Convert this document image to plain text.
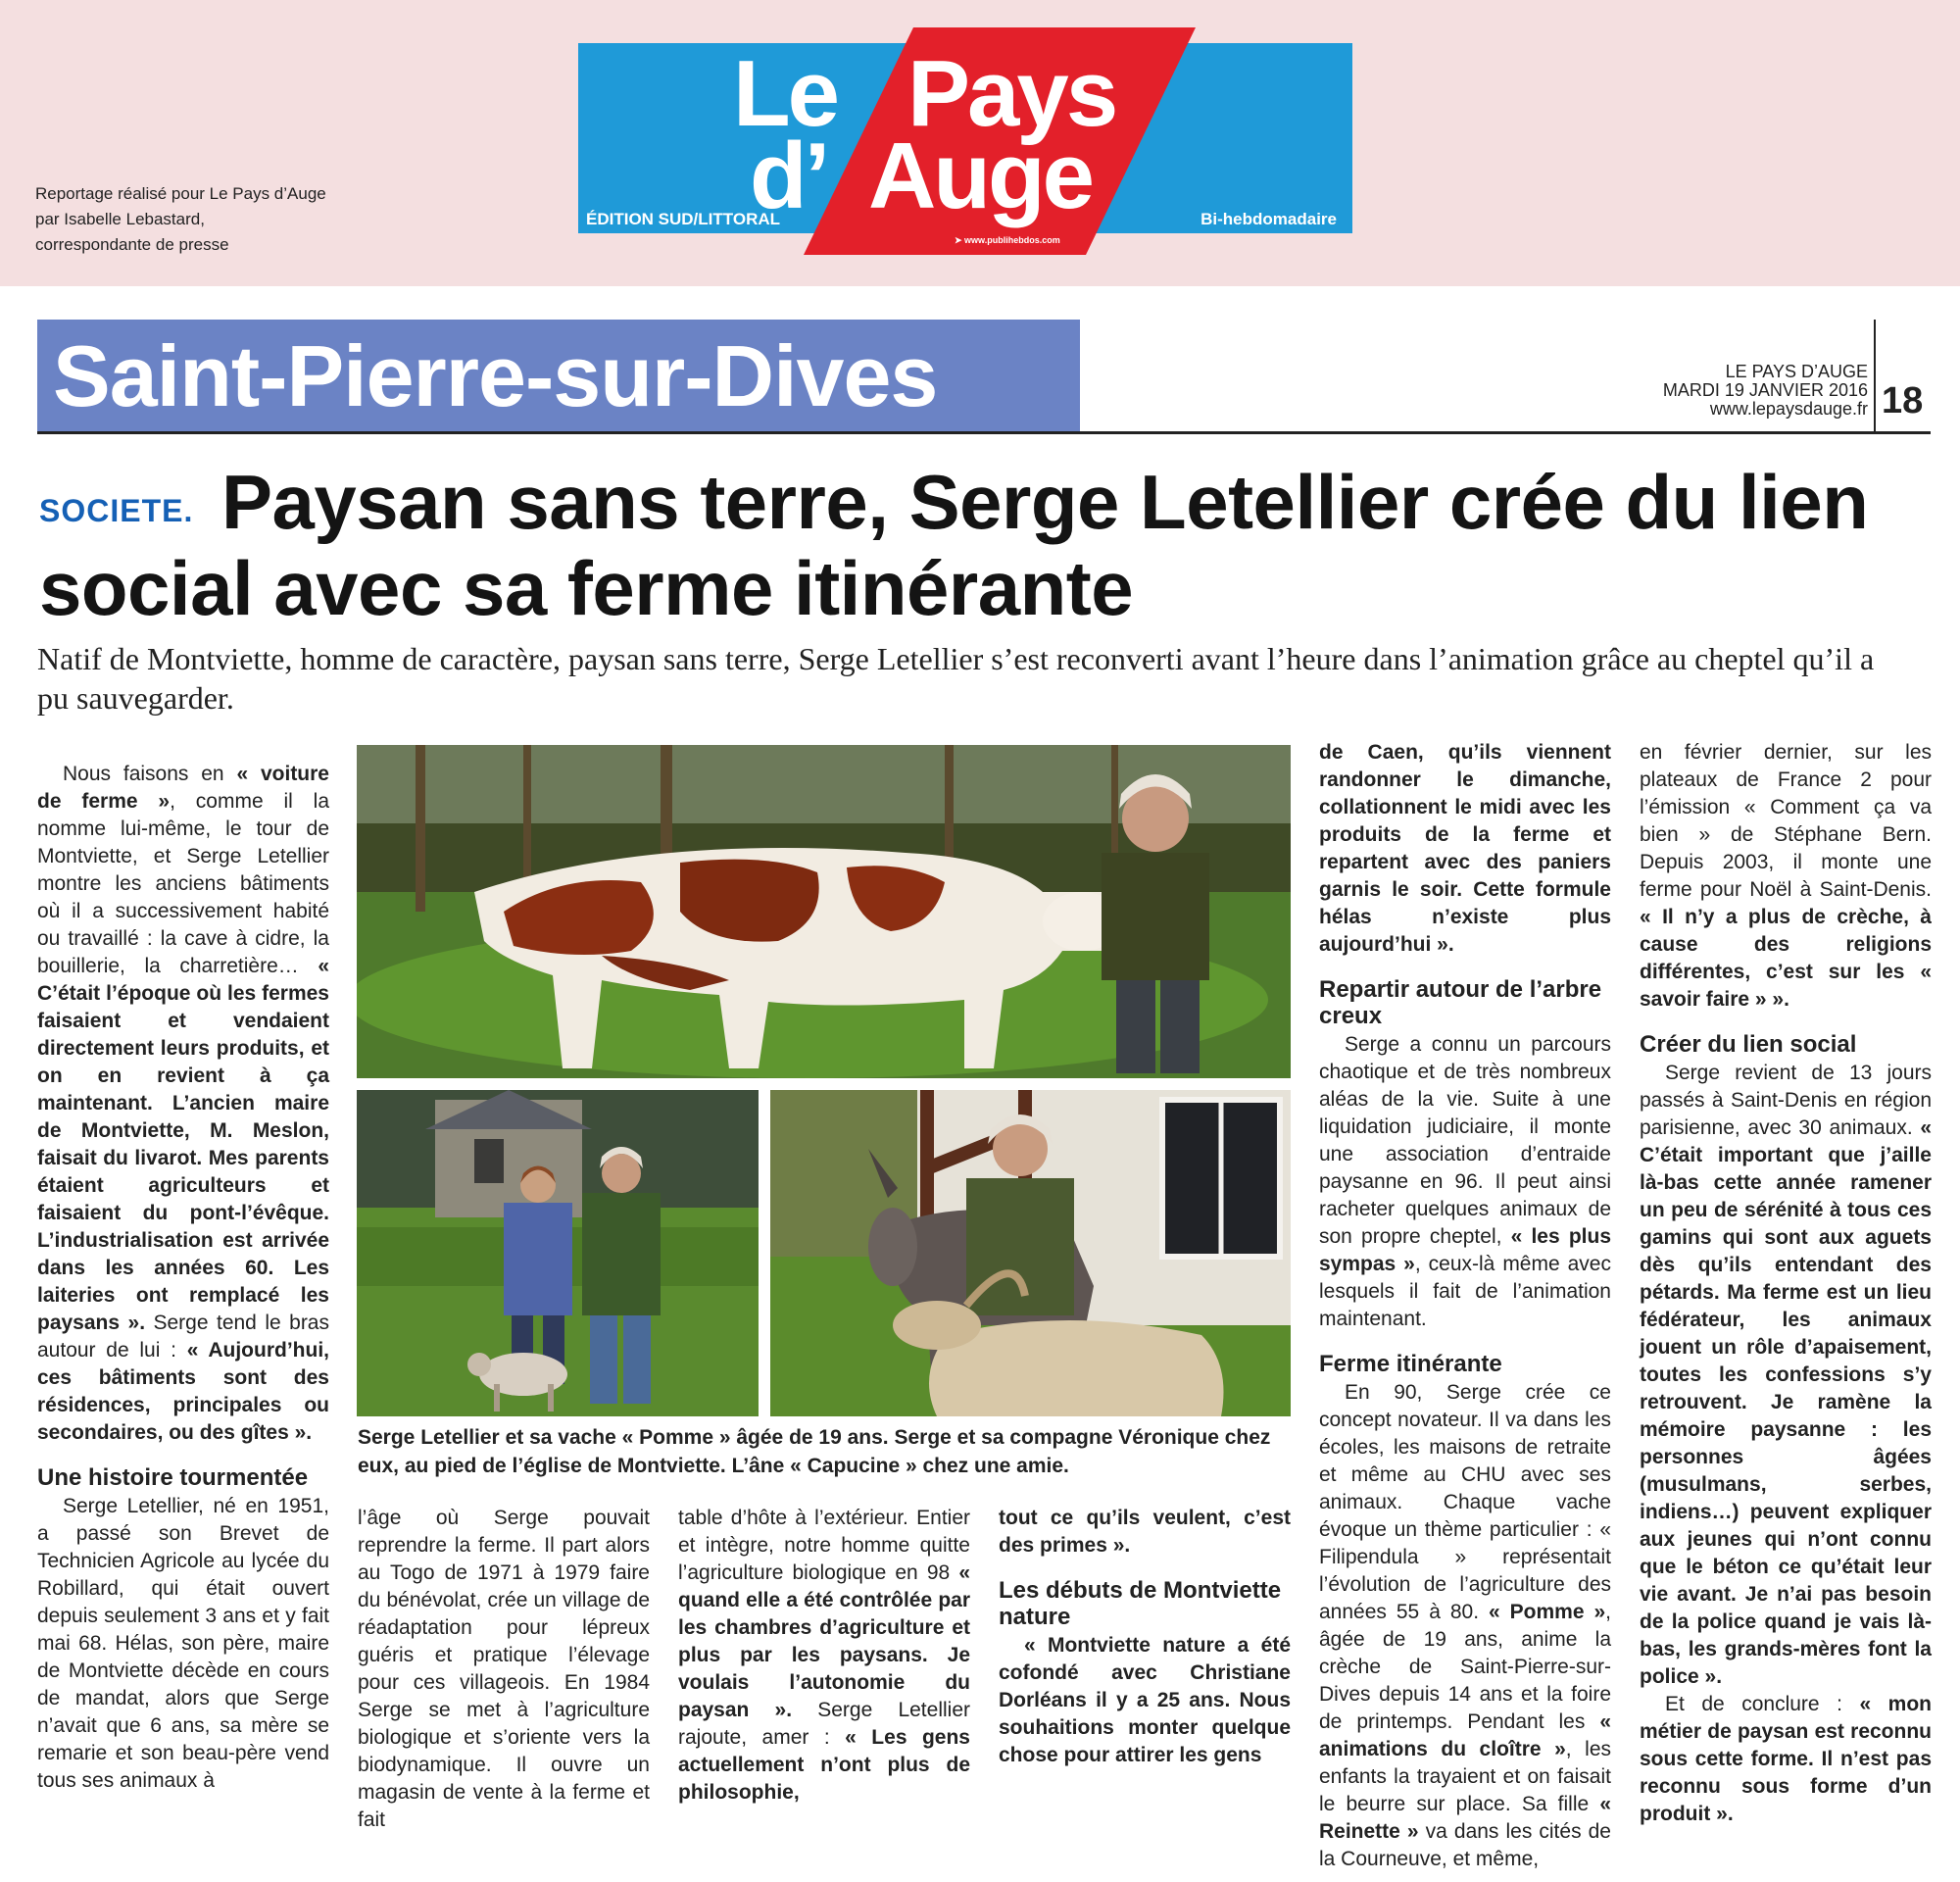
Reportage réalisé pour Le Pays d’Auge
par Isabelle Lebastard,
correspondante de presse
Le
d’
Pays
Auge
ÉDITION SUD/LITTORAL	Bi-hebdomadaire
➤ www.publihebdos.com
Saint-Pierre-sur-Dives	LE PAYS D’AUGE
MARDI 19 JANVIER 2016
www.lepaysdauge.fr 18
SOCIETE. Paysan sans terre, Serge Letellier crée du lien social avec sa ferme itinérante
Natif de Montviette, homme de caractère, paysan sans terre, Serge Letellier s’est reconverti avant l’heure dans l’animation grâce au cheptel qu’il a pu sauvegarder.
Serge Letellier et sa vache « Pomme » âgée de 19 ans. Serge et sa compagne Véronique chez eux, au pied de l’église de Montviette. L’âne « Capucine » chez une amie.

Nous faisons en « voiture de ferme », comme il la nomme lui-même, le tour de Montviette, et Serge Letellier montre les anciens bâtiments où il a successivement habité ou travaillé : la cave à cidre, la bouillerie, la charretière… « C’était l’époque où les fermes faisaient et vendaient directement leurs produits, et on en revient à ça maintenant. L’ancien maire de Montviette, M. Meslon, faisait du livarot. Mes parents étaient agriculteurs et faisaient du pont-l’évêque. L’industrialisation est arrivée dans les années 60. Les laiteries ont remplacé les paysans ». Serge tend le bras autour de lui : « Aujourd’hui, ces bâtiments sont des résidences, principales ou secondaires, ou des gîtes ».

Une histoire tourmentée

Serge Letellier, né en 1951, a passé son Brevet de Technicien Agricole au lycée du Robillard, qui était ouvert depuis seulement 3 ans et y fait mai 68. Hélas, son père, maire de Montviette décède en cours de mandat, alors que Serge n’avait que 6 ans, sa mère se remarie et son beau-père vend tous ses animaux à

l’âge où Serge pouvait reprendre la ferme. Il part alors au Togo de 1971 à 1979 faire du bénévolat, crée un village de réadaptation pour lépreux guéris et pratique l’élevage pour ces villageois. En 1984 Serge se met à l’agriculture biologique et s’oriente vers la biodynamique. Il ouvre un magasin de vente à la ferme et fait

table d’hôte à l’extérieur. Entier et intègre, notre homme quitte l’agriculture biologique en 98 « quand elle a été contrôlée par les chambres d’agriculture et plus par les paysans. Je voulais l’autonomie du paysan ». Serge Letellier rajoute, amer : « Les gens actuellement n’ont plus de philosophie,

tout ce qu’ils veulent, c’est des primes ».

Les débuts de Montviette nature

« Montviette nature a été cofondé avec Christiane Dorléans il y a 25 ans. Nous souhaitions monter quelque chose pour attirer les gens

de Caen, qu’ils viennent randonner le dimanche, collationnent le midi avec les produits de la ferme et repartent avec des paniers garnis le soir. Cette formule hélas n’existe plus aujourd’hui ».

Repartir autour de l’arbre creux

Serge a connu un parcours chaotique et de très nombreux aléas de la vie. Suite à une liquidation judiciaire, il monte une association d’entraide paysanne en 96. Il peut ainsi racheter quelques animaux de son propre cheptel, « les plus sympas », ceux-là même avec lesquels il fait de l’animation maintenant.

Ferme itinérante

En 90, Serge crée ce concept novateur. Il va dans les écoles, les maisons de retraite et même au CHU avec ses animaux. Chaque vache évoque un thème particulier : « Filipendula » représentait l’évolution de l’agriculture des années 55 à 80. « Pomme », âgée de 19 ans, anime la crèche de Saint-Pierre-sur-Dives depuis 14 ans et la foire de printemps. Pendant les « animations du cloître », les enfants la trayaient et on faisait le beurre sur place. Sa fille « Reinette » va dans les cités de la Courneuve, et même,

en février dernier, sur les plateaux de France 2 pour l’émission « Comment ça va bien » de Stéphane Bern. Depuis 2003, il monte une ferme pour Noël à Saint-Denis. « Il n’y a plus de crèche, à cause des religions différentes, c’est sur les « savoir faire » ».

Créer du lien social

Serge revient de 13 jours passés à Saint-Denis en région parisienne, avec 30 animaux. « C’était important que j’aille là-bas cette année ramener un peu de sérénité à tous ces gamins qui sont aux aguets dès qu’ils entendant des pétards. Ma ferme est un lieu fédérateur, les animaux jouent un rôle d’apaisement, toutes les confessions s’y retrouvent. Je ramène la mémoire paysanne : les personnes âgées (musulmans, serbes, indiens…) peuvent expliquer aux jeunes qui n’ont connu que le béton ce qu’était leur vie avant. Je n’ai pas besoin de la police quand je vais là-bas, les grands-mères font la police ».

Et de conclure : « mon métier de paysan est reconnu sous cette forme. Il n’est pas reconnu sous forme d’un produit ».
